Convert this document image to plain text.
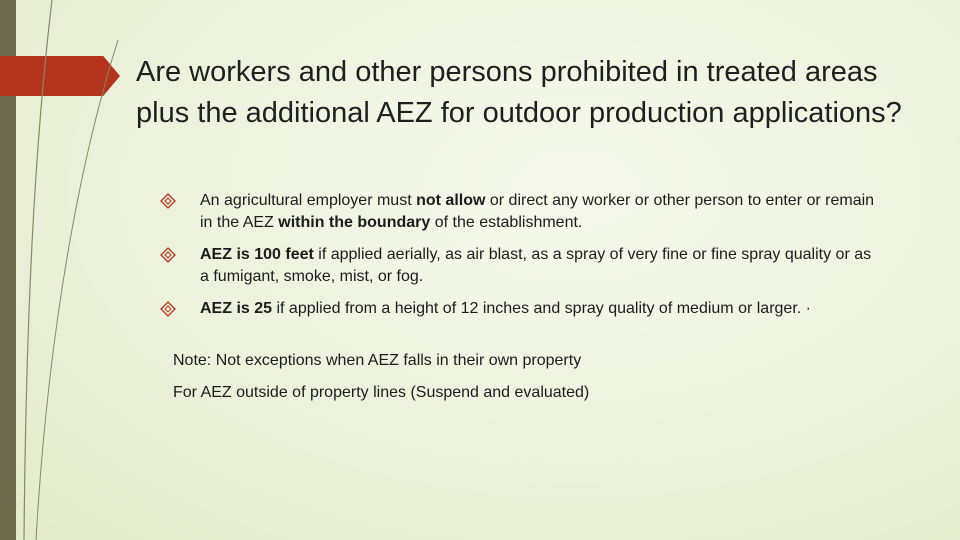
Are workers and other persons prohibited in treated areas plus the additional AEZ for outdoor production applications?
An agricultural employer must not allow or direct any worker or other person to enter or remain in the AEZ within the boundary of the establishment.
AEZ is 100 feet if applied aerially, as air blast, as a spray of very fine or fine spray quality or as a fumigant, smoke, mist, or fog.
AEZ is 25 if applied from a height of 12 inches and spray quality of medium or larger. ·

Note: Not exceptions when AEZ falls in their own property

For AEZ outside of property lines (Suspend and evaluated)
